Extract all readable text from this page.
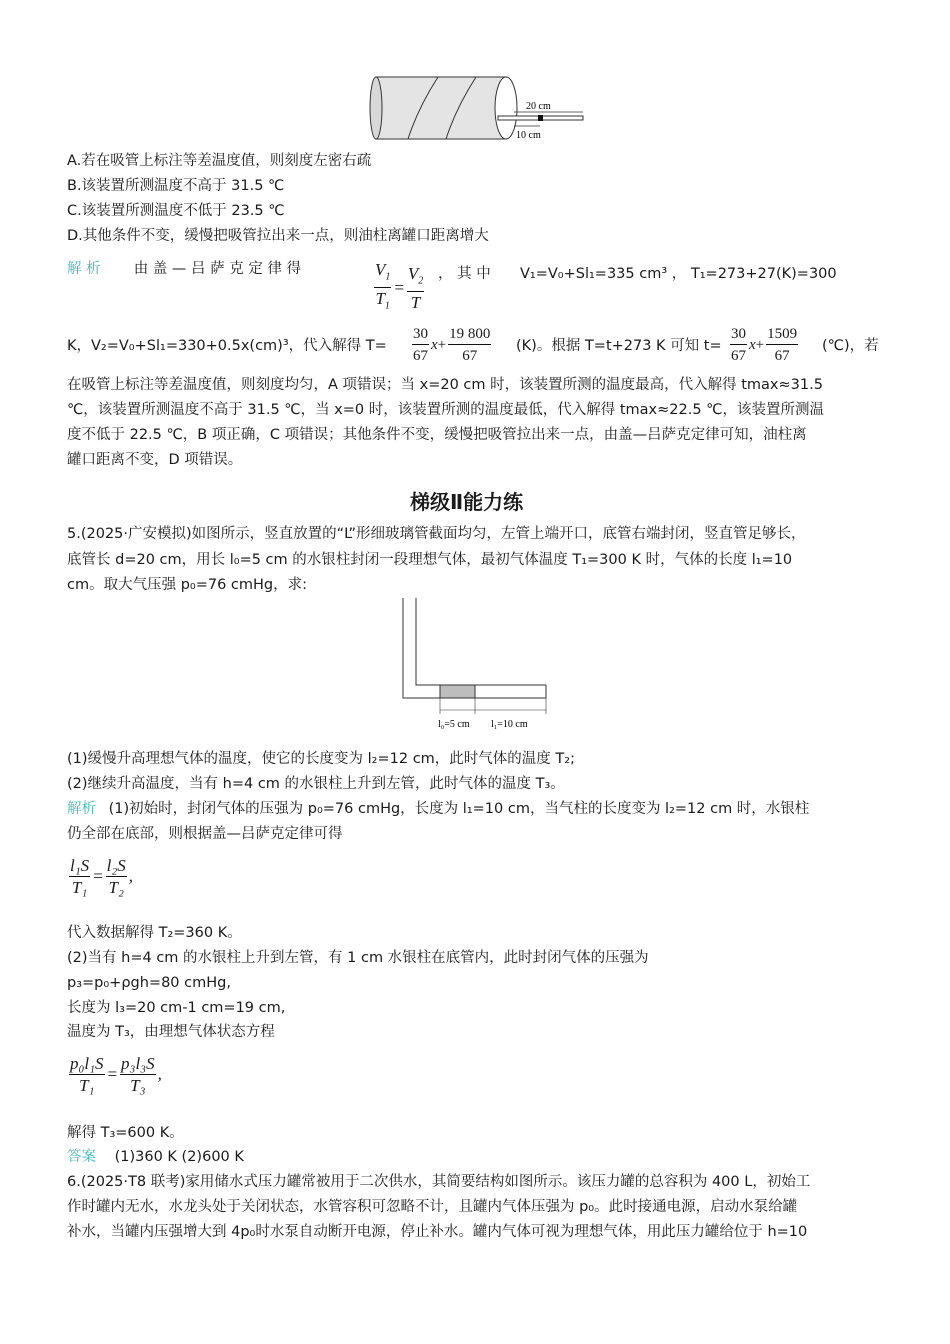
20 cm
10 cm
A.若在吸管上标注等差温度值，则刻度左密右疏
B.该装置所测温度不高于 31.5 ℃
C.该装置所测温度不低于 23.5 ℃
D.其他条件不变，缓慢把吸管拉出来一点，则油柱离罐口距离增大
解 析 由 盖 — 吕 萨 克 定 律 得	$\frac{V_1}{T_1} = \frac{V_2}{T}$ ， 其 中 V₁=V₀+Sl₁=335 cm³ ， T₁=273+27(K)=300
K，V₂=V₀+Sl₁=330+0.5x(cm)³，代入解得 $T= \frac{30}{67} x+ \frac{19 800}{67} (K)$。根据 T=t+273 K 可知 $t= \frac{30}{67} x+ \frac{1509}{67}$ (℃)，若
在吸管上标注等差温度值，则刻度均匀，A 项错误；当 x=20 cm 时，该装置所测的温度最高，代入解得 tmax≈31.5
℃，该装置所测温度不高于 31.5 ℃，当 x=0 时，该装置所测的温度最低，代入解得 tmax≈22.5 ℃，该装置所测温
度不低于 22.5 ℃，B 项正确，C 项错误；其他条件不变，缓慢把吸管拉出来一点，由盖—吕萨克定律可知，油柱离
罐口距离不变，D 项错误。
梯级Ⅱ能力练
5.(2025·广安模拟)如图所示，竖直放置的“L”形细玻璃管截面均匀，左管上端开口，底管右端封闭，竖直管足够长，
底管长 d=20 cm，用长 l₀=5 cm 的水银柱封闭一段理想气体，最初气体温度 T₁=300 K 时，气体的长度 l₁=10
cm。取大气压强 p₀=76 cmHg，求:
l₀=5 cm l₁=10 cm
(1)缓慢升高理想气体的温度，使它的长度变为 l₂=12 cm，此时气体的温度 T₂;
(2)继续升高温度，当有 h=4 cm 的水银柱上升到左管，此时气体的温度 T₃。
解析 (1)初始时，封闭气体的压强为 p₀=76 cmHg，长度为 l₁=10 cm，当气柱的长度变为 l₂=12 cm 时，水银柱
仍全部在底部，则根据盖—吕萨克定律可得
$\frac{\text{l₁S}}{\text{T₁}} = \frac{\text{l₂S}}{\text{T₂}}$ ,
代入数据解得 T₂=360 K。
(2)当有 h=4 cm 的水银柱上升到左管，有 1 cm 水银柱在底管内，此时封闭气体的压强为
p₃=p₀+ρgh=80 cmHg,
长度为 l₃=20 cm-1 cm=19 cm,
温度为 T₃，由理想气体状态方程
$\frac{\text{p₀l₁S}}{\text{T₁}} = \frac{\text{p₃l₃S}}{\text{T₃}}$ ,
解得 T₃=600 K。
答案 (1)360 K (2)600 K
6.(2025·T8 联考)家用储水式压力罐常被用于二次供水，其简要结构如图所示。该压力罐的总容积为 400 L，初始工
作时罐内无水，水龙头处于关闭状态，水管容积可忽略不计，且罐内气体压强为 p₀。此时接通电源，启动水泵给罐
补水，当罐内压强增大到 4p₀时水泵自动断开电源，停止补水。罐内气体可视为理想气体，用此压力罐给位于 h=10
